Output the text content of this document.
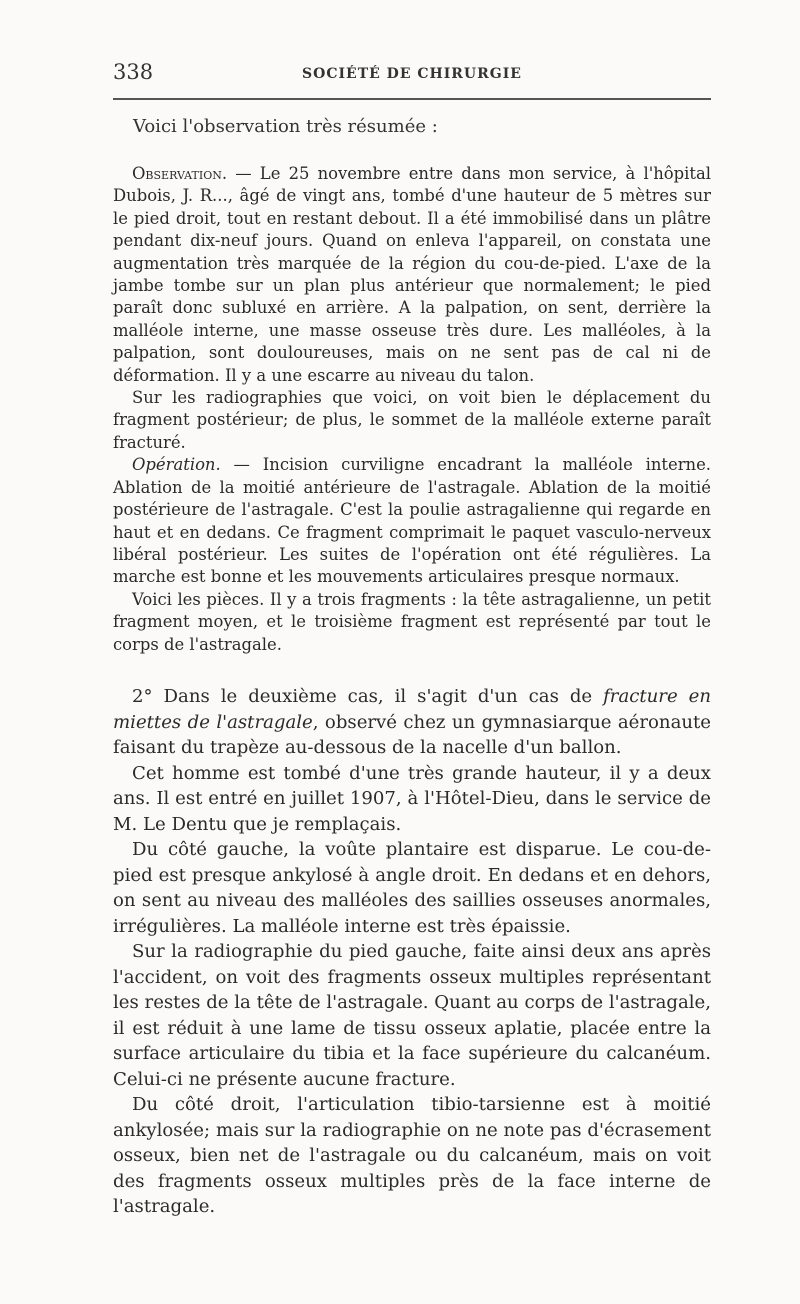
338	SOCIÉTÉ DE CHIRURGIE
Voici l'observation très résumée :

Observation. — Le 25 novembre entre dans mon service, à l'hôpital Dubois, J. R..., âgé de vingt ans, tombé d'une hauteur de 5 mètres sur le pied droit, tout en restant debout. Il a été immobilisé dans un plâtre pendant dix-neuf jours. Quand on enleva l'appareil, on constata une augmentation très marquée de la région du cou-de-pied. L'axe de la jambe tombe sur un plan plus antérieur que normalement; le pied paraît donc subluxé en arrière. A la palpation, on sent, derrière la malléole interne, une masse osseuse très dure. Les malléoles, à la palpation, sont douloureuses, mais on ne sent pas de cal ni de déformation. Il y a une escarre au niveau du talon.

Sur les radiographies que voici, on voit bien le déplacement du fragment postérieur; de plus, le sommet de la malléole externe paraît fracturé.

Opération. — Incision curviligne encadrant la malléole interne. Ablation de la moitié antérieure de l'astragale. Ablation de la moitié postérieure de l'astragale. C'est la poulie astragalienne qui regarde en haut et en dedans. Ce fragment comprimait le paquet vasculo-nerveux libéral postérieur. Les suites de l'opération ont été régulières. La marche est bonne et les mouvements articulaires presque normaux.

Voici les pièces. Il y a trois fragments : la tête astragalienne, un petit fragment moyen, et le troisième fragment est représenté par tout le corps de l'astragale.

2° Dans le deuxième cas, il s'agit d'un cas de fracture en miettes de l'astragale, observé chez un gymnasiarque aéronaute faisant du trapèze au-dessous de la nacelle d'un ballon.

Cet homme est tombé d'une très grande hauteur, il y a deux ans. Il est entré en juillet 1907, à l'Hôtel-Dieu, dans le service de M. Le Dentu que je remplaçais.

Du côté gauche, la voûte plantaire est disparue. Le cou-de-pied est presque ankylosé à angle droit. En dedans et en dehors, on sent au niveau des malléoles des saillies osseuses anormales, irrégulières. La malléole interne est très épaissie.

Sur la radiographie du pied gauche, faite ainsi deux ans après l'accident, on voit des fragments osseux multiples représentant les restes de la tête de l'astragale. Quant au corps de l'astragale, il est réduit à une lame de tissu osseux aplatie, placée entre la surface articulaire du tibia et la face supérieure du calcanéum. Celui-ci ne présente aucune fracture.

Du côté droit, l'articulation tibio-tarsienne est à moitié ankylosée; mais sur la radiographie on ne note pas d'écrasement osseux, bien net de l'astragale ou du calcanéum, mais on voit des fragments osseux multiples près de la face interne de l'astragale.
